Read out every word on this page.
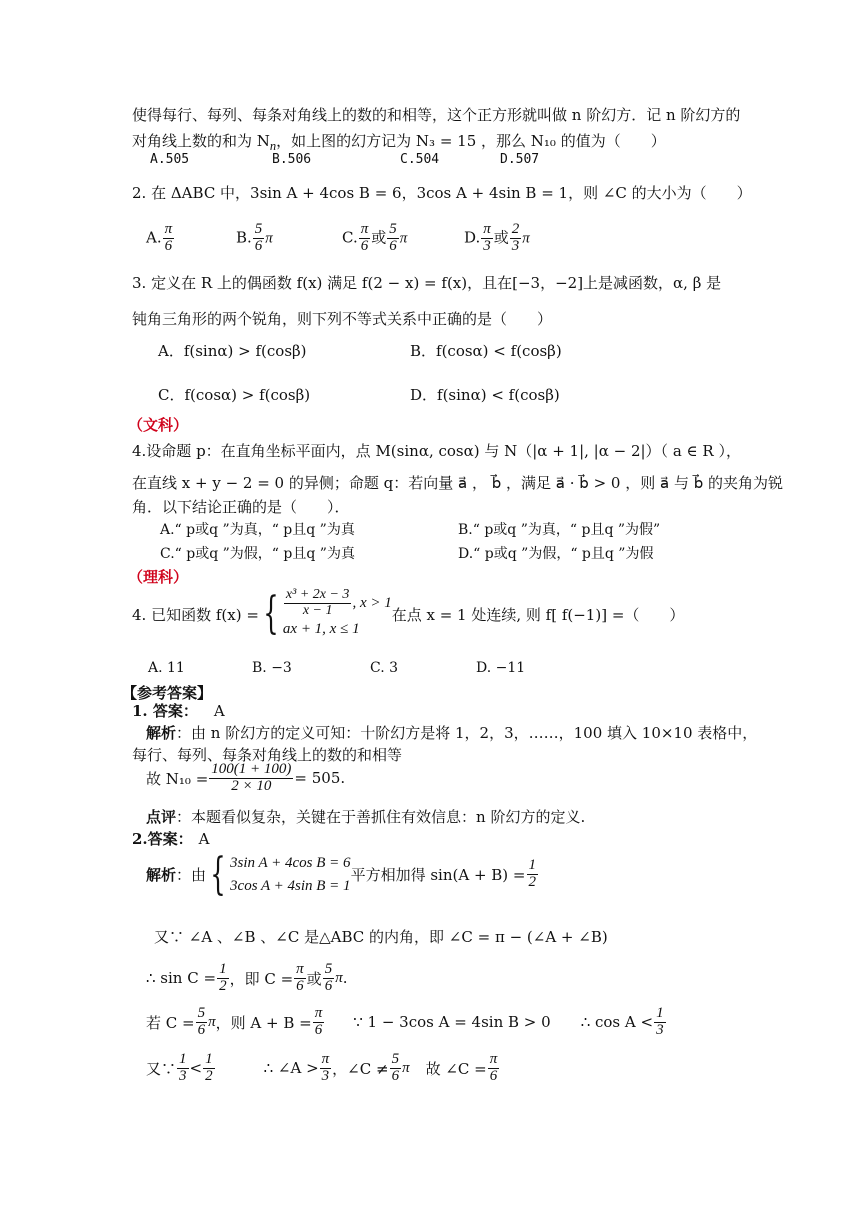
使得每行、每列、每条对角线上的数的和相等，这个正方形就叫做 n 阶幻方．记 n 阶幻方的
对角线上数的和为 $N_n$，如上图的幻方记为 N₃ = 15 ，那么 N₁₀ 的值为（　　）
A.505	B.506	C.504	D.507
2. 在 ΔABC 中，3sin A + 4cos B = 6，3cos A + 4sin B = 1，则 ∠C 的大小为（　　）
A. $\frac{\pi}{6}$	B. $\frac{5}{6}$ π	C. $\frac{\pi}{6}$ 或 $\frac{5}{6}$ π	D. $\frac{\pi}{3}$ 或 $\frac{2}{3}$ π
3. 定义在 R 上的偶函数 f(x) 满足 f(2 − x) = f(x)，且在[−3，−2]上是减函数，α, β 是
钝角三角形的两个锐角，则下列不等式关系中正确的是（　　）
A．f(sinα) > f(cosβ)	B．f(cosα) < f(cosβ)
C．f(cosα) > f(cosβ)	D．f(sinα) < f(cosβ)
（文科）
4.设命题 p：在直角坐标平面内，点 M(sinα, cosα) 与 N（|α + 1|, |α − 2|）（ a ∈ R ），
在直线 x + y − 2 = 0 的异侧；命题 q：若向量 a⃗ ， b⃗ ，满足 a⃗ · b⃗ > 0 ，则 a⃗ 与 b⃗ 的夹角为锐
角．以下结论正确的是（　　）．
A.“ p或q ”为真，“ p且q ”为真	B.“ p或q ”为真，“ p且q ”为假”
C.“ p或q ”为假，“ p且q ”为真	D.“ p或q ”为假，“ p且q ”为假
（理科）
4. 已知函数 f(x) = { $\frac{\text{x³ + 2x − 3}}{x - 1}$ , x > 1
ax + 1, x ≤ 1
在点 x = 1 处连续, 则 f[ f(−1)] =（　　）
A. 11	B. −3	C. 3	D. −11
【参考答案】
1. 答案： A
解析：由 n 阶幻方的定义可知：十阶幻方是将 1，2，3，……，100 填入 10×10 表格中，
每行、每列、每条对角线上的数的和相等
故 $N_{10} = \frac{100(1 + 100)}{2 \times 10} = 505$.
点评：本题看似复杂，关键在于善抓住有效信息：n 阶幻方的定义.
2.答案： A
解析 ：由 { 3sin A + 4cos B = 6
3cos A + 4sin B = 1
平方相加得 $\sin(A + B) = \frac{1}{2}$
又∵ ∠A 、∠B 、∠C 是△ABC 的内角，即 ∠C = π − (∠A + ∠B)
∴ $\sin C = \frac{1}{2}$ ，即 $C = \frac{\pi}{6}$ 或 $\frac{5}{6}$ π .
若 $C = \frac{5}{6}$ π ，则 $A + B = \frac{\pi}{6}$ ∵ 1 − 3cos A = 4sin B > 0 ∴ $\cos A < \frac{1}{3}$
又∵ $\frac{1}{3} < \frac{1}{2}$	∴ ∠A > $\frac{\pi}{3}$ ，∠C ≠ $\frac{5}{6}$ π 故 ∠C = $\frac{\pi}{6}$
